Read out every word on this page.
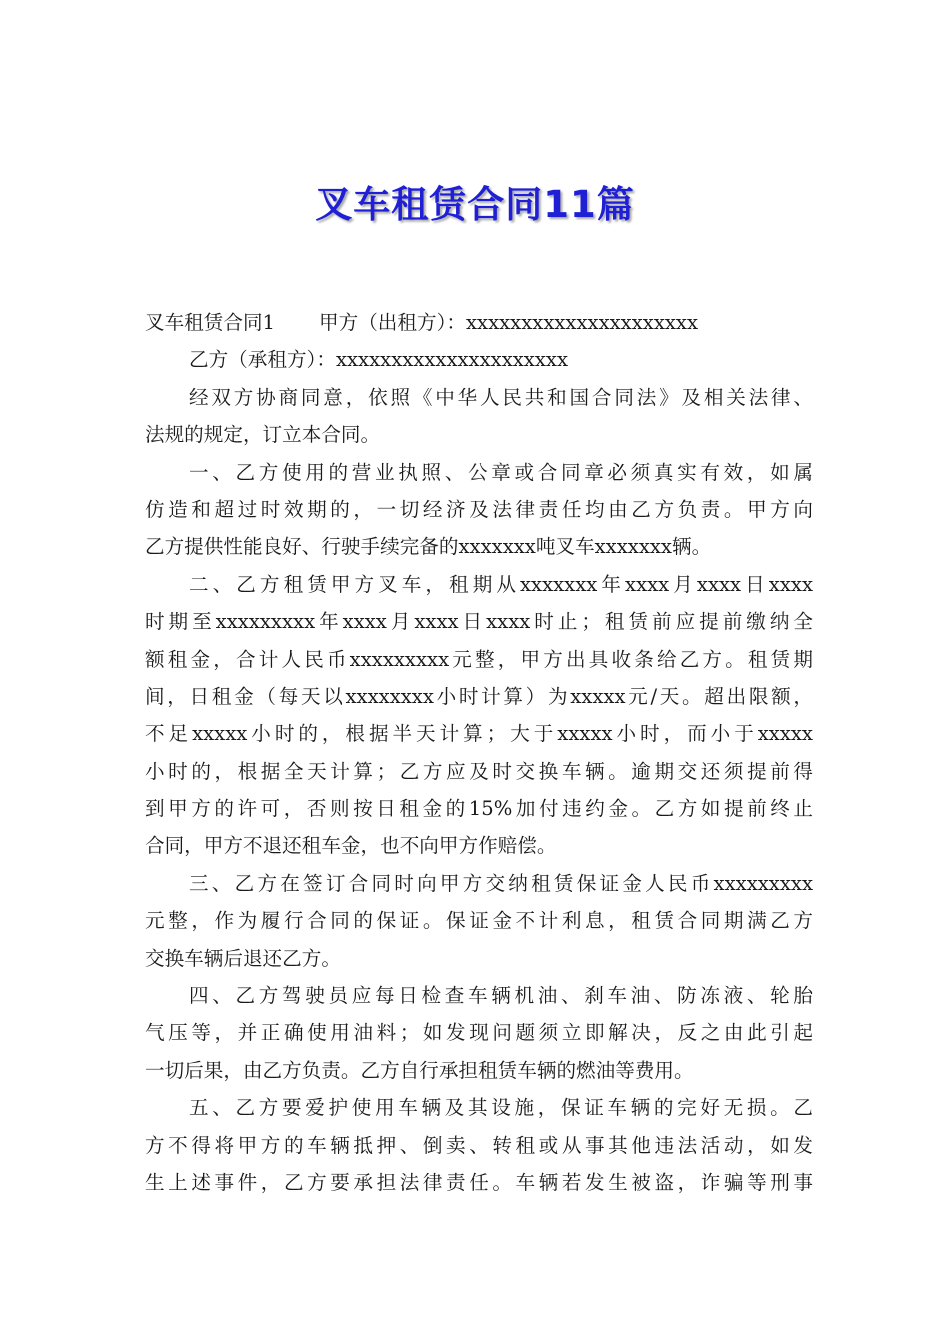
叉车租赁合同11篇
叉车租赁合同1 甲方（出租方）：xxxxxxxxxxxxxxxxxxxxx
乙方（承租方）：xxxxxxxxxxxxxxxxxxxxx
经双方协商同意，依照《中华人民共和国合同法》及相关法律、
法规的规定，订立本合同。
一、乙方使用的营业执照、公章或合同章必须真实有效，如属
仿造和超过时效期的，一切经济及法律责任均由乙方负责。甲方向
乙方提供性能良好、行驶手续完备的xxxxxxx吨叉车xxxxxxx辆。
二、乙方租赁甲方叉车，租期从xxxxxxx年xxxx月xxxx日xxxx
时期至xxxxxxxxx年xxxx月xxxx日xxxx时止；租赁前应提前缴纳全
额租金，合计人民币xxxxxxxxx元整，甲方出具收条给乙方。租赁期
间，日租金（每天以xxxxxxxx小时计算）为xxxxx元/天。超出限额，
不足xxxxx小时的，根据半天计算；大于xxxxx小时，而小于xxxxx
小时的，根据全天计算；乙方应及时交换车辆。逾期交还须提前得
到甲方的许可，否则按日租金的15%加付违约金。乙方如提前终止
合同，甲方不退还租车金，也不向甲方作赔偿。
三、乙方在签订合同时向甲方交纳租赁保证金人民币xxxxxxxxx
元整，作为履行合同的保证。保证金不计利息，租赁合同期满乙方
交换车辆后退还乙方。
四、乙方驾驶员应每日检查车辆机油、刹车油、防冻液、轮胎
气压等，并正确使用油料；如发现问题须立即解决，反之由此引起
一切后果，由乙方负责。乙方自行承担租赁车辆的燃油等费用。
五、乙方要爱护使用车辆及其设施，保证车辆的完好无损。乙
方不得将甲方的车辆抵押、倒卖、转租或从事其他违法活动，如发
生上述事件，乙方要承担法律责任。车辆若发生被盗，诈骗等刑事
